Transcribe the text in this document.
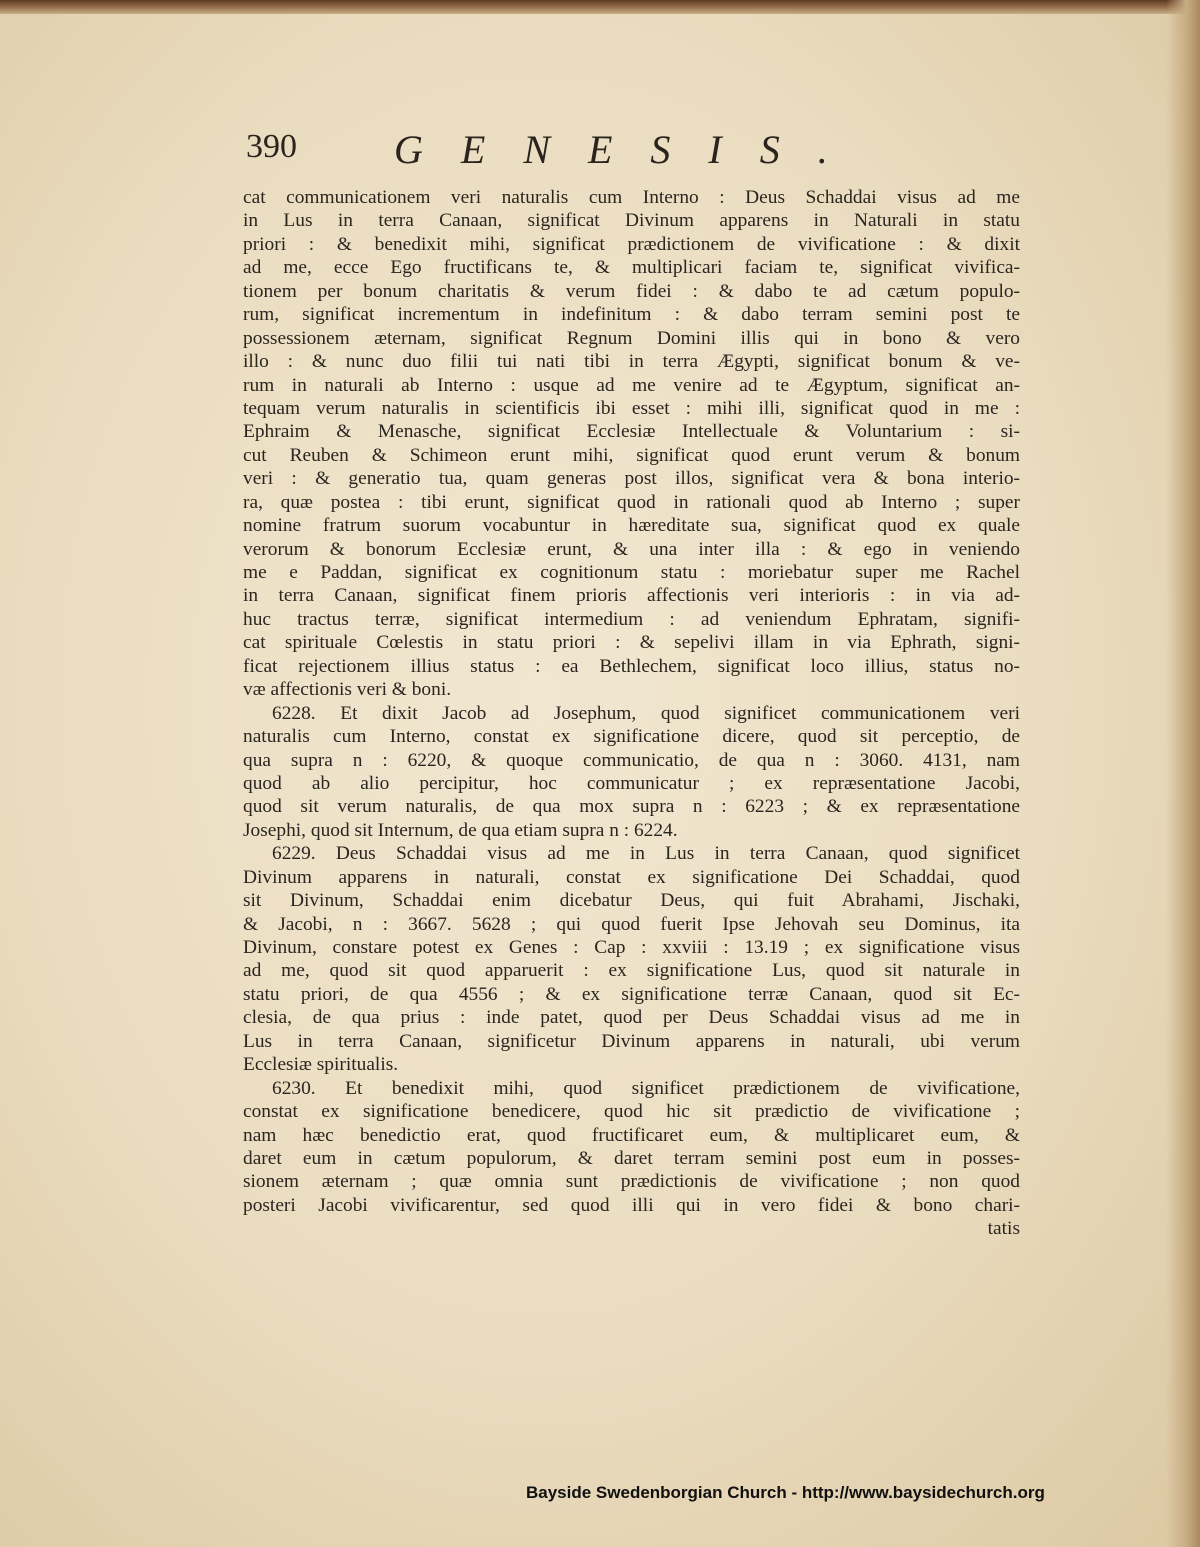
390 GENESIS.
cat communicationem veri naturalis cum Interno : Deus Schaddai visus ad me
in Lus in terra Canaan, significat Divinum apparens in Naturali in statu
priori : & benedixit mihi, significat prædictionem de vivificatione : & dixit
ad me, ecce Ego fructificans te, & multiplicari faciam te, significat vivifica-
tionem per bonum charitatis & verum fidei : & dabo te ad cætum populo-
rum, significat incrementum in indefinitum : & dabo terram semini post te
possessionem æternam, significat Regnum Domini illis qui in bono & vero
illo : & nunc duo filii tui nati tibi in terra Ægypti, significat bonum & ve-
rum in naturali ab Interno : usque ad me venire ad te Ægyptum, significat an-
tequam verum naturalis in scientificis ibi esset : mihi illi, significat quod in me :
Ephraim & Menasche, significat Ecclesiæ Intellectuale & Voluntarium : si-
cut Reuben & Schimeon erunt mihi, significat quod erunt verum & bonum
veri : & generatio tua, quam generas post illos, significat vera & bona interio-
ra, quæ postea : tibi erunt, significat quod in rationali quod ab Interno ; super
nomine fratrum suorum vocabuntur in hæreditate sua, significat quod ex quale
verorum & bonorum Ecclesiæ erunt, & una inter illa : & ego in veniendo
me e Paddan, significat ex cognitionum statu : moriebatur super me Rachel
in terra Canaan, significat finem prioris affectionis veri interioris : in via ad-
huc tractus terræ, significat intermedium : ad veniendum Ephratam, signifi-
cat spirituale Cœlestis in statu priori : & sepelivi illam in via Ephrath, signi-
ficat rejectionem illius status : ea Bethlechem, significat loco illius, status no-
væ affectionis veri & boni.
6228. Et dixit Jacob ad Josephum, quod significet communicationem veri
naturalis cum Interno, constat ex significatione dicere, quod sit perceptio, de
qua supra n : 6220, & quoque communicatio, de qua n : 3060. 4131, nam
quod ab alio percipitur, hoc communicatur ; ex repræsentatione Jacobi,
quod sit verum naturalis, de qua mox supra n : 6223 ; & ex repræsentatione
Josephi, quod sit Internum, de qua etiam supra n : 6224.
6229. Deus Schaddai visus ad me in Lus in terra Canaan, quod significet
Divinum apparens in naturali, constat ex significatione Dei Schaddai, quod
sit Divinum, Schaddai enim dicebatur Deus, qui fuit Abrahami, Jischaki,
& Jacobi, n : 3667. 5628 ; qui quod fuerit Ipse Jehovah seu Dominus, ita
Divinum, constare potest ex Genes : Cap : xxviii : 13.19 ; ex significatione visus
ad me, quod sit quod apparuerit : ex significatione Lus, quod sit naturale in
statu priori, de qua 4556 ; & ex significatione terræ Canaan, quod sit Ec-
clesia, de qua prius : inde patet, quod per Deus Schaddai visus ad me in
Lus in terra Canaan, significetur Divinum apparens in naturali, ubi verum
Ecclesiæ spiritualis.
6230. Et benedixit mihi, quod significet prædictionem de vivificatione,
constat ex significatione benedicere, quod hic sit prædictio de vivificatione ;
nam hæc benedictio erat, quod fructificaret eum, & multiplicaret eum, &
daret eum in cætum populorum, & daret terram semini post eum in posses-
sionem æternam ; quæ omnia sunt prædictionis de vivificatione ; non quod
posteri Jacobi vivificarentur, sed quod illi qui in vero fidei & bono chari-
tatis
Bayside Swedenborgian Church - http://www.baysidechurch.org
